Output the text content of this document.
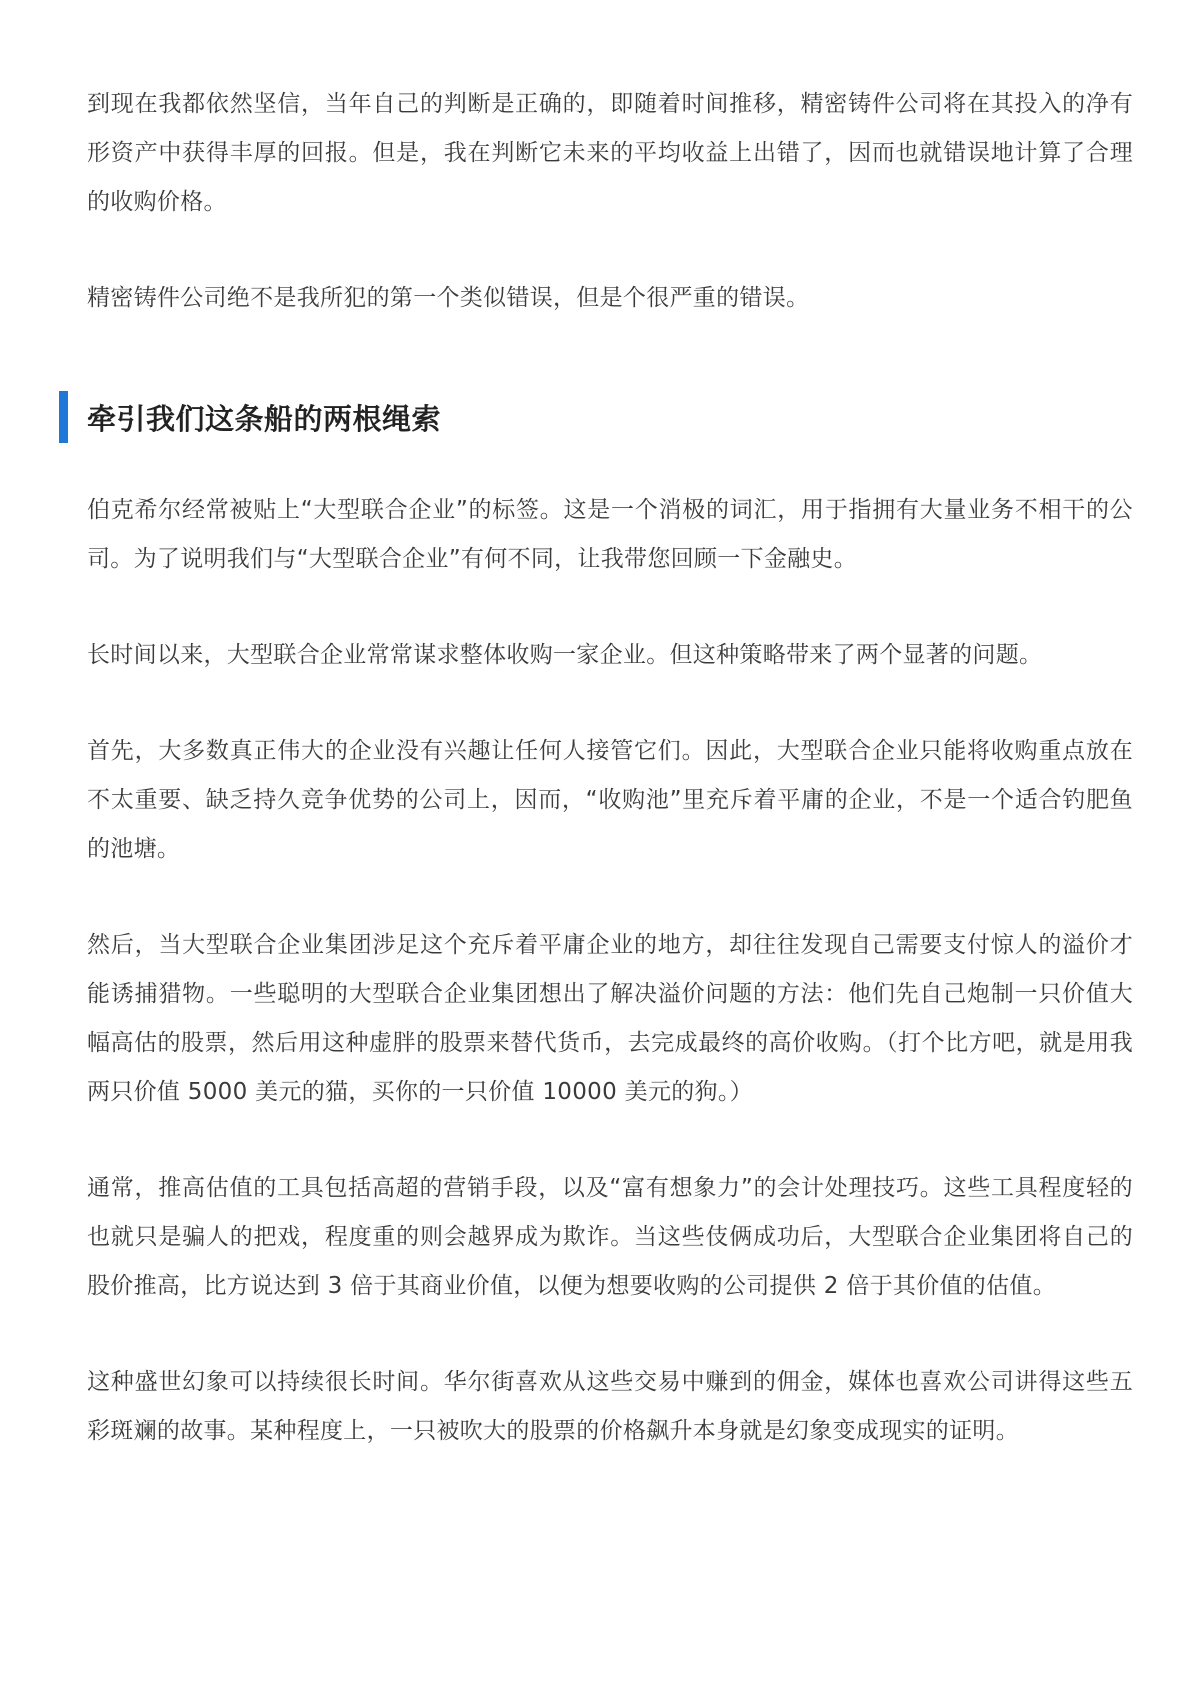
到现在我都依然坚信，当年自己的判断是正确的，即随着时间推移，精密铸件公司将在其投入的净有形资产中获得丰厚的回报。但是，我在判断它未来的平均收益上出错了，因而也就错误地计算了合理的收购价格。

精密铸件公司绝不是我所犯的第一个类似错误，但是个很严重的错误。

牵引我们这条船的两根绳索

伯克希尔经常被贴上“大型联合企业”的标签。这是一个消极的词汇，用于指拥有大量业务不相干的公司。为了说明我们与“大型联合企业”有何不同，让我带您回顾一下金融史。

长时间以来，大型联合企业常常谋求整体收购一家企业。但这种策略带来了两个显著的问题。

首先，大多数真正伟大的企业没有兴趣让任何人接管它们。因此，大型联合企业只能将收购重点放在不太重要、缺乏持久竞争优势的公司上，因而，“收购池”里充斥着平庸的企业，不是一个适合钓肥鱼的池塘。

然后，当大型联合企业集团涉足这个充斥着平庸企业的地方，却往往发现自己需要支付惊人的溢价才能诱捕猎物。一些聪明的大型联合企业集团想出了解决溢价问题的方法：他们先自己炮制一只价值大幅高估的股票，然后用这种虚胖的股票来替代货币，去完成最终的高价收购。（打个比方吧，就是用我两只价值 5000 美元的猫，买你的一只价值 10000 美元的狗。）

通常，推高估值的工具包括高超的营销手段，以及“富有想象力”的会计处理技巧。这些工具程度轻的也就只是骗人的把戏，程度重的则会越界成为欺诈。当这些伎俩成功后，大型联合企业集团将自己的股价推高，比方说达到 3 倍于其商业价值，以便为想要收购的公司提供 2 倍于其价值的估值。

这种盛世幻象可以持续很长时间。华尔街喜欢从这些交易中赚到的佣金，媒体也喜欢公司讲得这些五彩斑斓的故事。某种程度上，一只被吹大的股票的价格飙升本身就是幻象变成现实的证明。
